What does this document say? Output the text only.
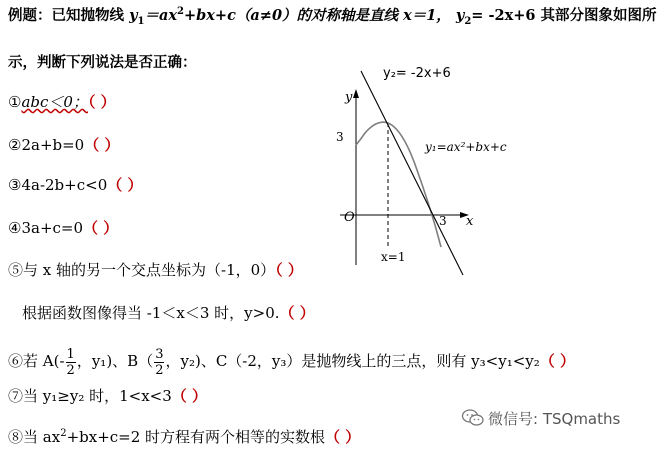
例题：已知抛物线 $y_1=ax^2+bx+c(a\ne 0)$的对称轴是直线 x＝1， $y_2= -2x+6$ 其部分图象如图所
示，判断下列说法是否正确：
①abc＜0；（ ）
②2a+b=0（ ）
③4a-2b+c<0（ ）
④3a+c=0（ ）
⑤与 x 轴的另一个交点坐标为（-1，0）（ ）
根据函数图像得当 -1＜x＜3 时，y>0.（ ）
⑥若 $A(- \frac{1}{2}$ ，y₁)、$B( \frac{3}{2}$ ，y₂)、C（-2，y₃）是抛物线上的三点，则有 y₃<y₁<y₂（ ）
⑦当 y₁≥y₂ 时，1<x<3（ ）
⑧当 $ax^2+bx+c=2$ 时方程有两个相等的实数根（ ）
y₂= -2x+6
y
3
y₁=ax²+bx+c
O	3 x
x=1
微信号: TSQmaths
